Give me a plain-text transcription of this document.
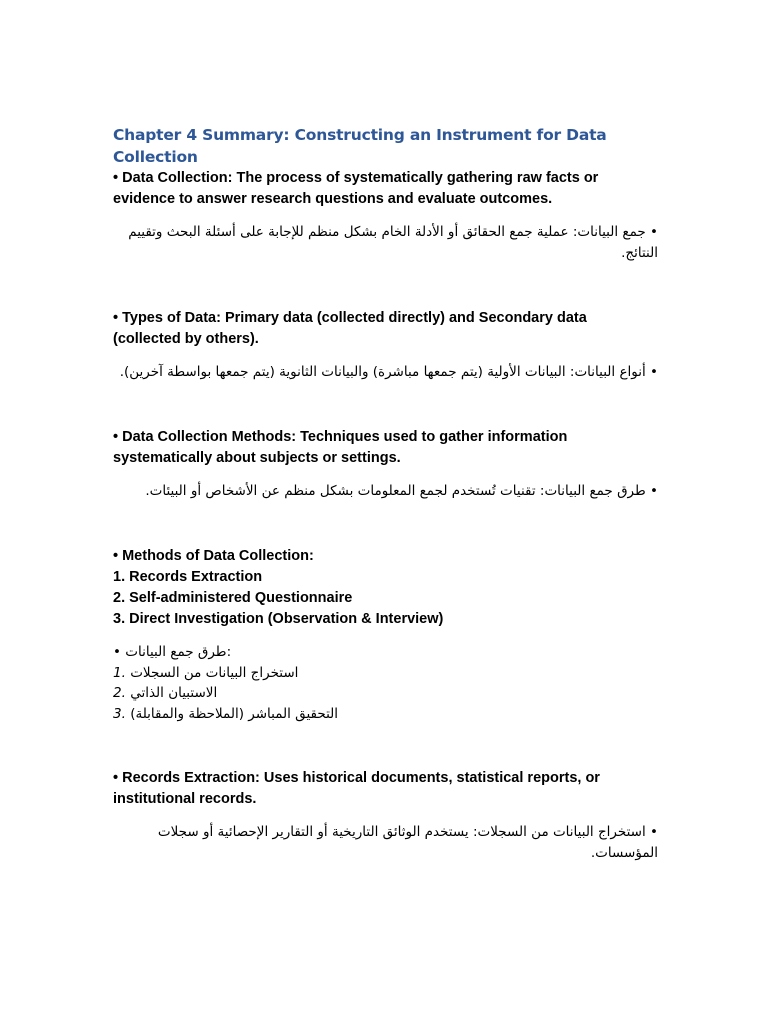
Chapter 4 Summary: Constructing an Instrument for Data Collection

• Data Collection: The process of systematically gathering raw facts or evidence to answer research questions and evaluate outcomes.

• جمع البيانات: عملية جمع الحقائق أو الأدلة الخام بشكل منظم للإجابة على أسئلة البحث وتقييم النتائج.

• Types of Data: Primary data (collected directly) and Secondary data (collected by others).

• أنواع البيانات: البيانات الأولية (يتم جمعها مباشرة) والبيانات الثانوية (يتم جمعها بواسطة آخرين).

• Data Collection Methods: Techniques used to gather information systematically about subjects or settings.

• طرق جمع البيانات: تقنيات تُستخدم لجمع المعلومات بشكل منظم عن الأشخاص أو البيئات.

• Methods of Data Collection:
1. Records Extraction
2. Self-administered Questionnaire
3. Direct Investigation (Observation & Interview)
• طرق جمع البيانات:
1. استخراج البيانات من السجلات
2. الاستبيان الذاتي
3. التحقيق المباشر (الملاحظة والمقابلة)

• Records Extraction: Uses historical documents, statistical reports, or institutional records.

• استخراج البيانات من السجلات: يستخدم الوثائق التاريخية أو التقارير الإحصائية أو سجلات المؤسسات.
